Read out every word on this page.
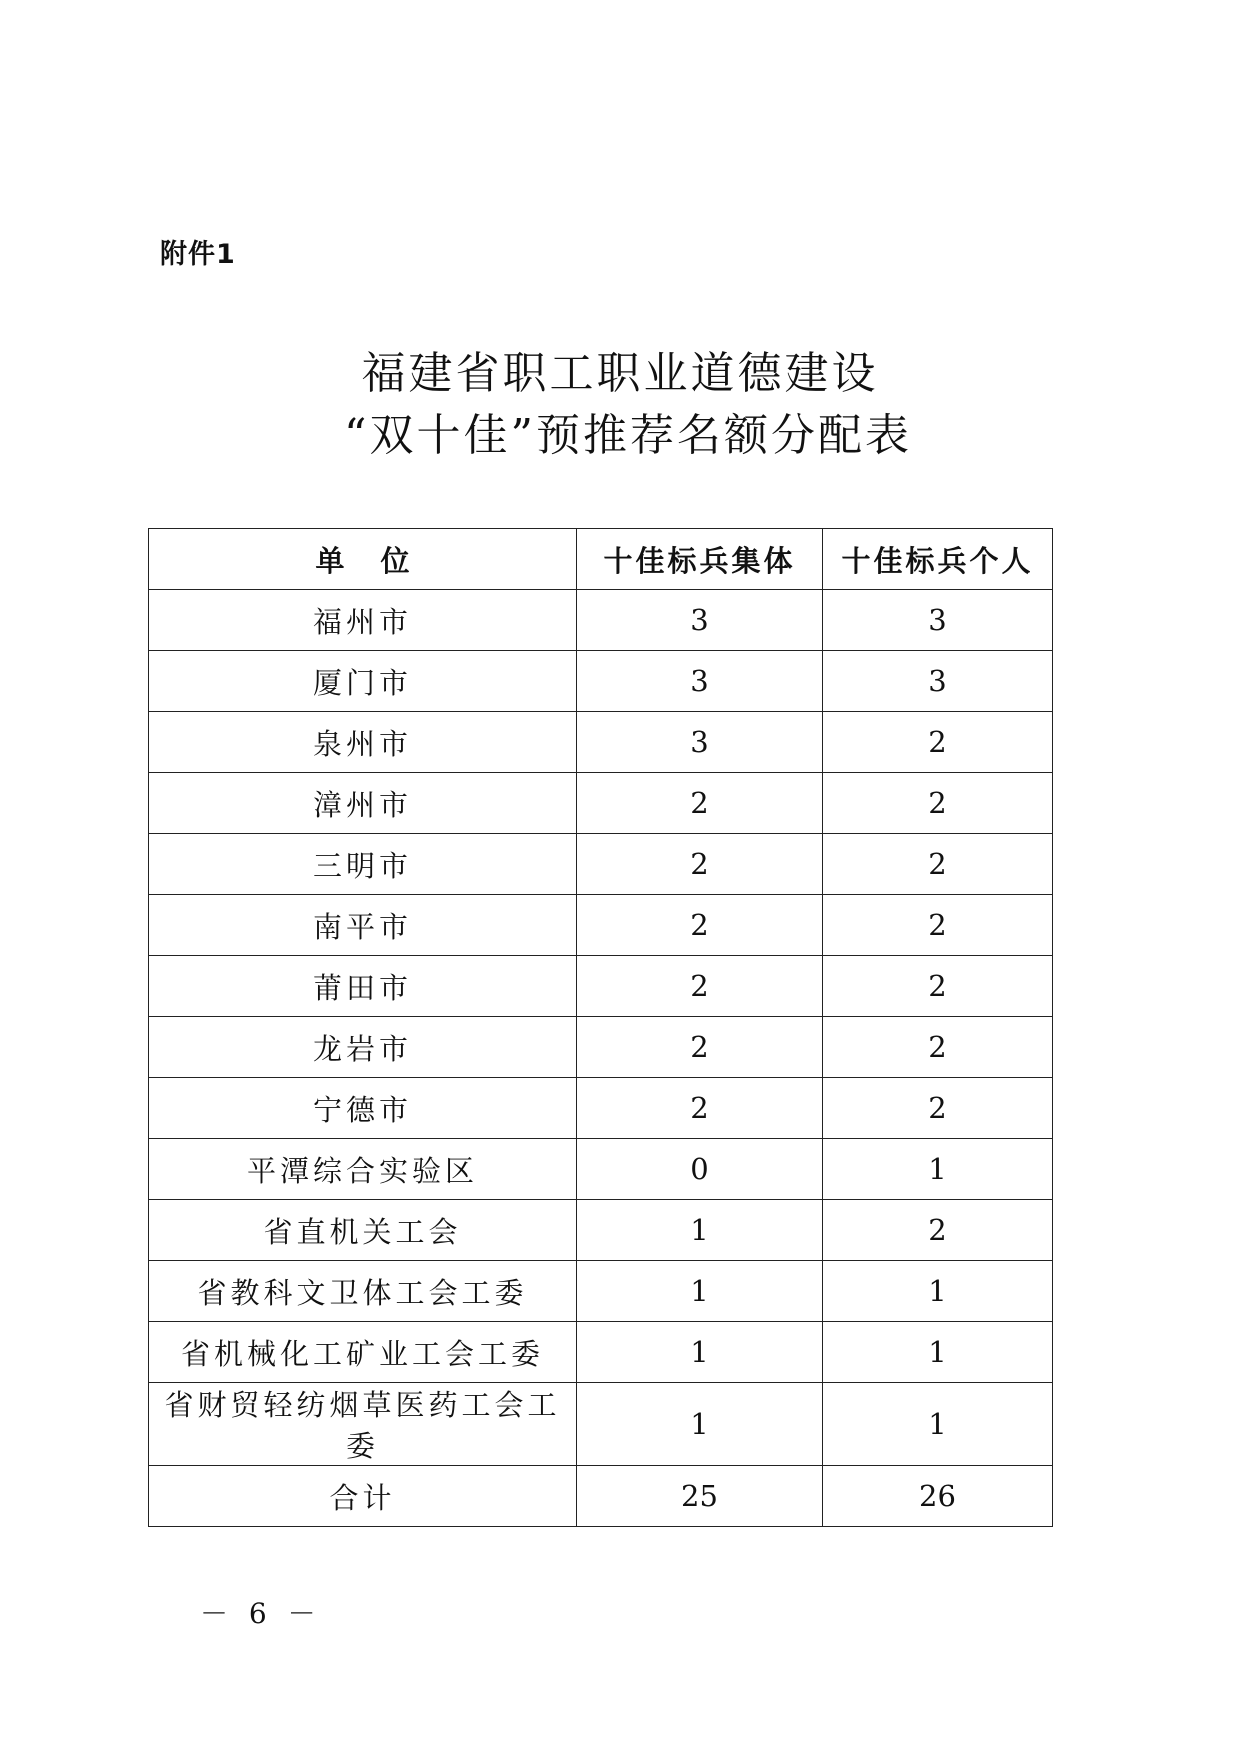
附件1
福建省职工职业道德建设
“双十佳”预推荐名额分配表
单位	十佳标兵集体	十佳标兵个人
福州市	3	3
厦门市	3	3
泉州市	3	2
漳州市	2	2
三明市	2	2
南平市	2	2
莆田市	2	2
龙岩市	2	2
宁德市	2	2
平潭综合实验区	0	1
省直机关工会	1	2
省教科文卫体工会工委	1	1
省机械化工矿业工会工委	1	1
省财贸轻纺烟草医药工会工委	1	1
合计	25	26
－ 6 －
